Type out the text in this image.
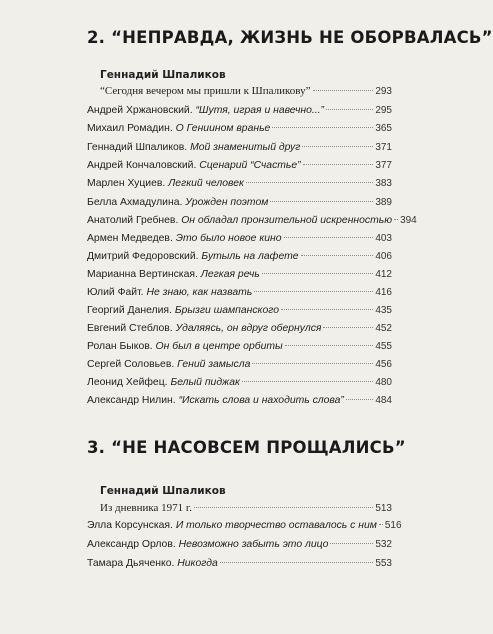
2. “НЕПРАВДА, ЖИЗНЬ НЕ ОБОРВАЛАСЬ”
Геннадий Шпаликов
“Сегодня вечером мы пришли к Шпаликову”	293
Андрей Хржановский. “Шутя, играя и навечно...”	295
Михаил Ромадин. О Гениином вранье	365
Геннадий Шпаликов. Мой знаменитый друг	371
Андрей Кончаловский. Сценарий “Счастье”	377
Марлен Хуциев. Легкий человек	383
Белла Ахмадулина. Урожден поэтом	389
Анатолий Гребнев. Он обладал пронзительной искренностью 394
Армен Медведев. Это было новое кино	403
Дмитрий Федоровский. Бутыль на лафете	406
Марианна Вертинская. Легкая речь	412
Юлий Файт. Не знаю, как назвать	416
Георгий Данелия. Брызги шампанского	435
Евгений Стеблов. Удаляясь, он вдруг обернулся	452
Ролан Быков. Он был в центре орбиты	455
Сергей Соловьев. Гений замысла	456
Леонид Хейфец. Белый пиджак	480
Александр Нилин. “Искать слова и находить слова”	484
3. “НЕ НАСОВСЕМ ПРОЩАЛИСЬ”
Геннадий Шпаликов
Из дневника 1971 г.	513
Элла Корсунская. И только творчество оставалось с ним 516
Александр Орлов. Невозможно забыть это лицо	532
Тамара Дьяченко. Никогда	553
